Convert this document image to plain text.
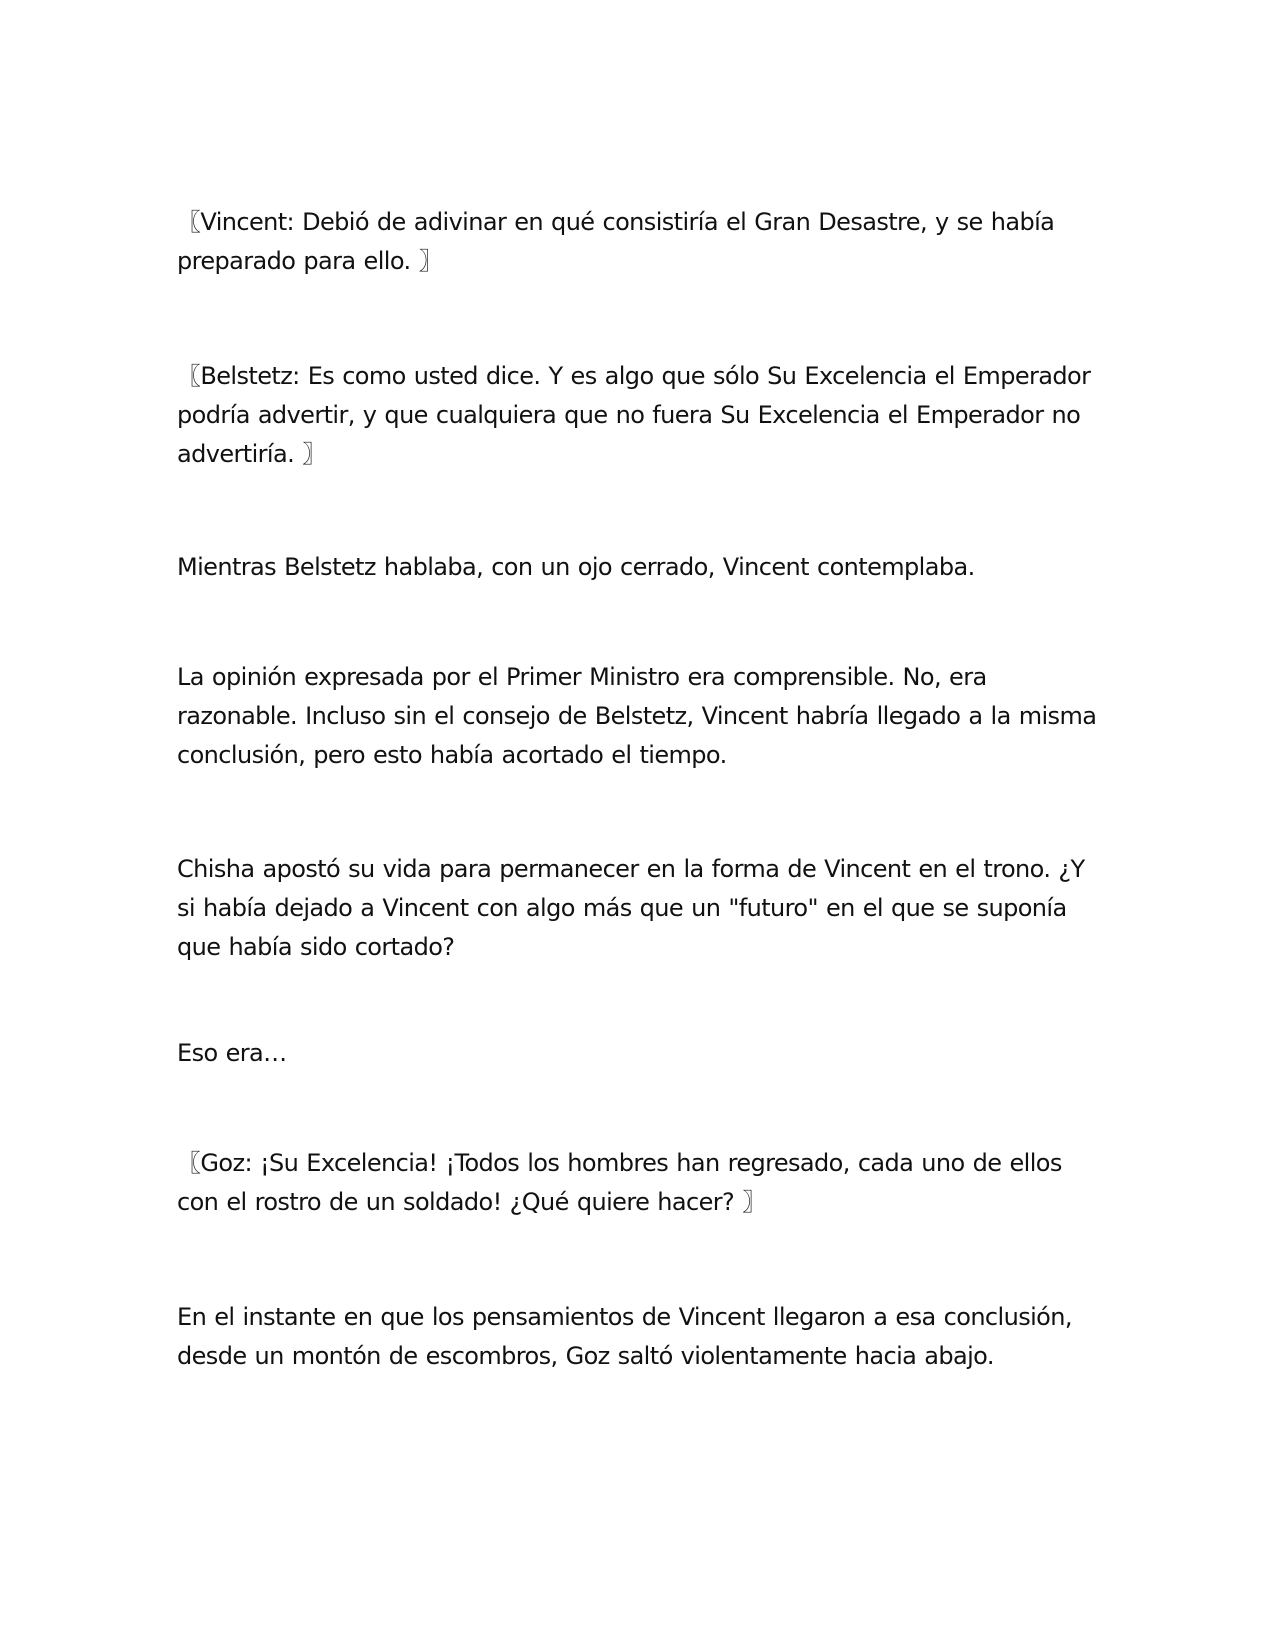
〖Vincent: Debió de adivinar en qué consistiría el Gran Desastre, y se había preparado para ello. 〗

〖Belstetz: Es como usted dice. Y es algo que sólo Su Excelencia el Emperador podría advertir, y que cualquiera que no fuera Su Excelencia el Emperador no advertiría. 〗

Mientras Belstetz hablaba, con un ojo cerrado, Vincent contemplaba.

La opinión expresada por el Primer Ministro era comprensible. No, era razonable. Incluso sin el consejo de Belstetz, Vincent habría llegado a la misma conclusión, pero esto había acortado el tiempo.

Chisha apostó su vida para permanecer en la forma de Vincent en el trono. ¿Y si había dejado a Vincent con algo más que un "futuro" en el que se suponía que había sido cortado?

Eso era…

〖Goz: ¡Su Excelencia! ¡Todos los hombres han regresado, cada uno de ellos con el rostro de un soldado! ¿Qué quiere hacer? 〗

En el instante en que los pensamientos de Vincent llegaron a esa conclusión, desde un montón de escombros, Goz saltó violentamente hacia abajo.
